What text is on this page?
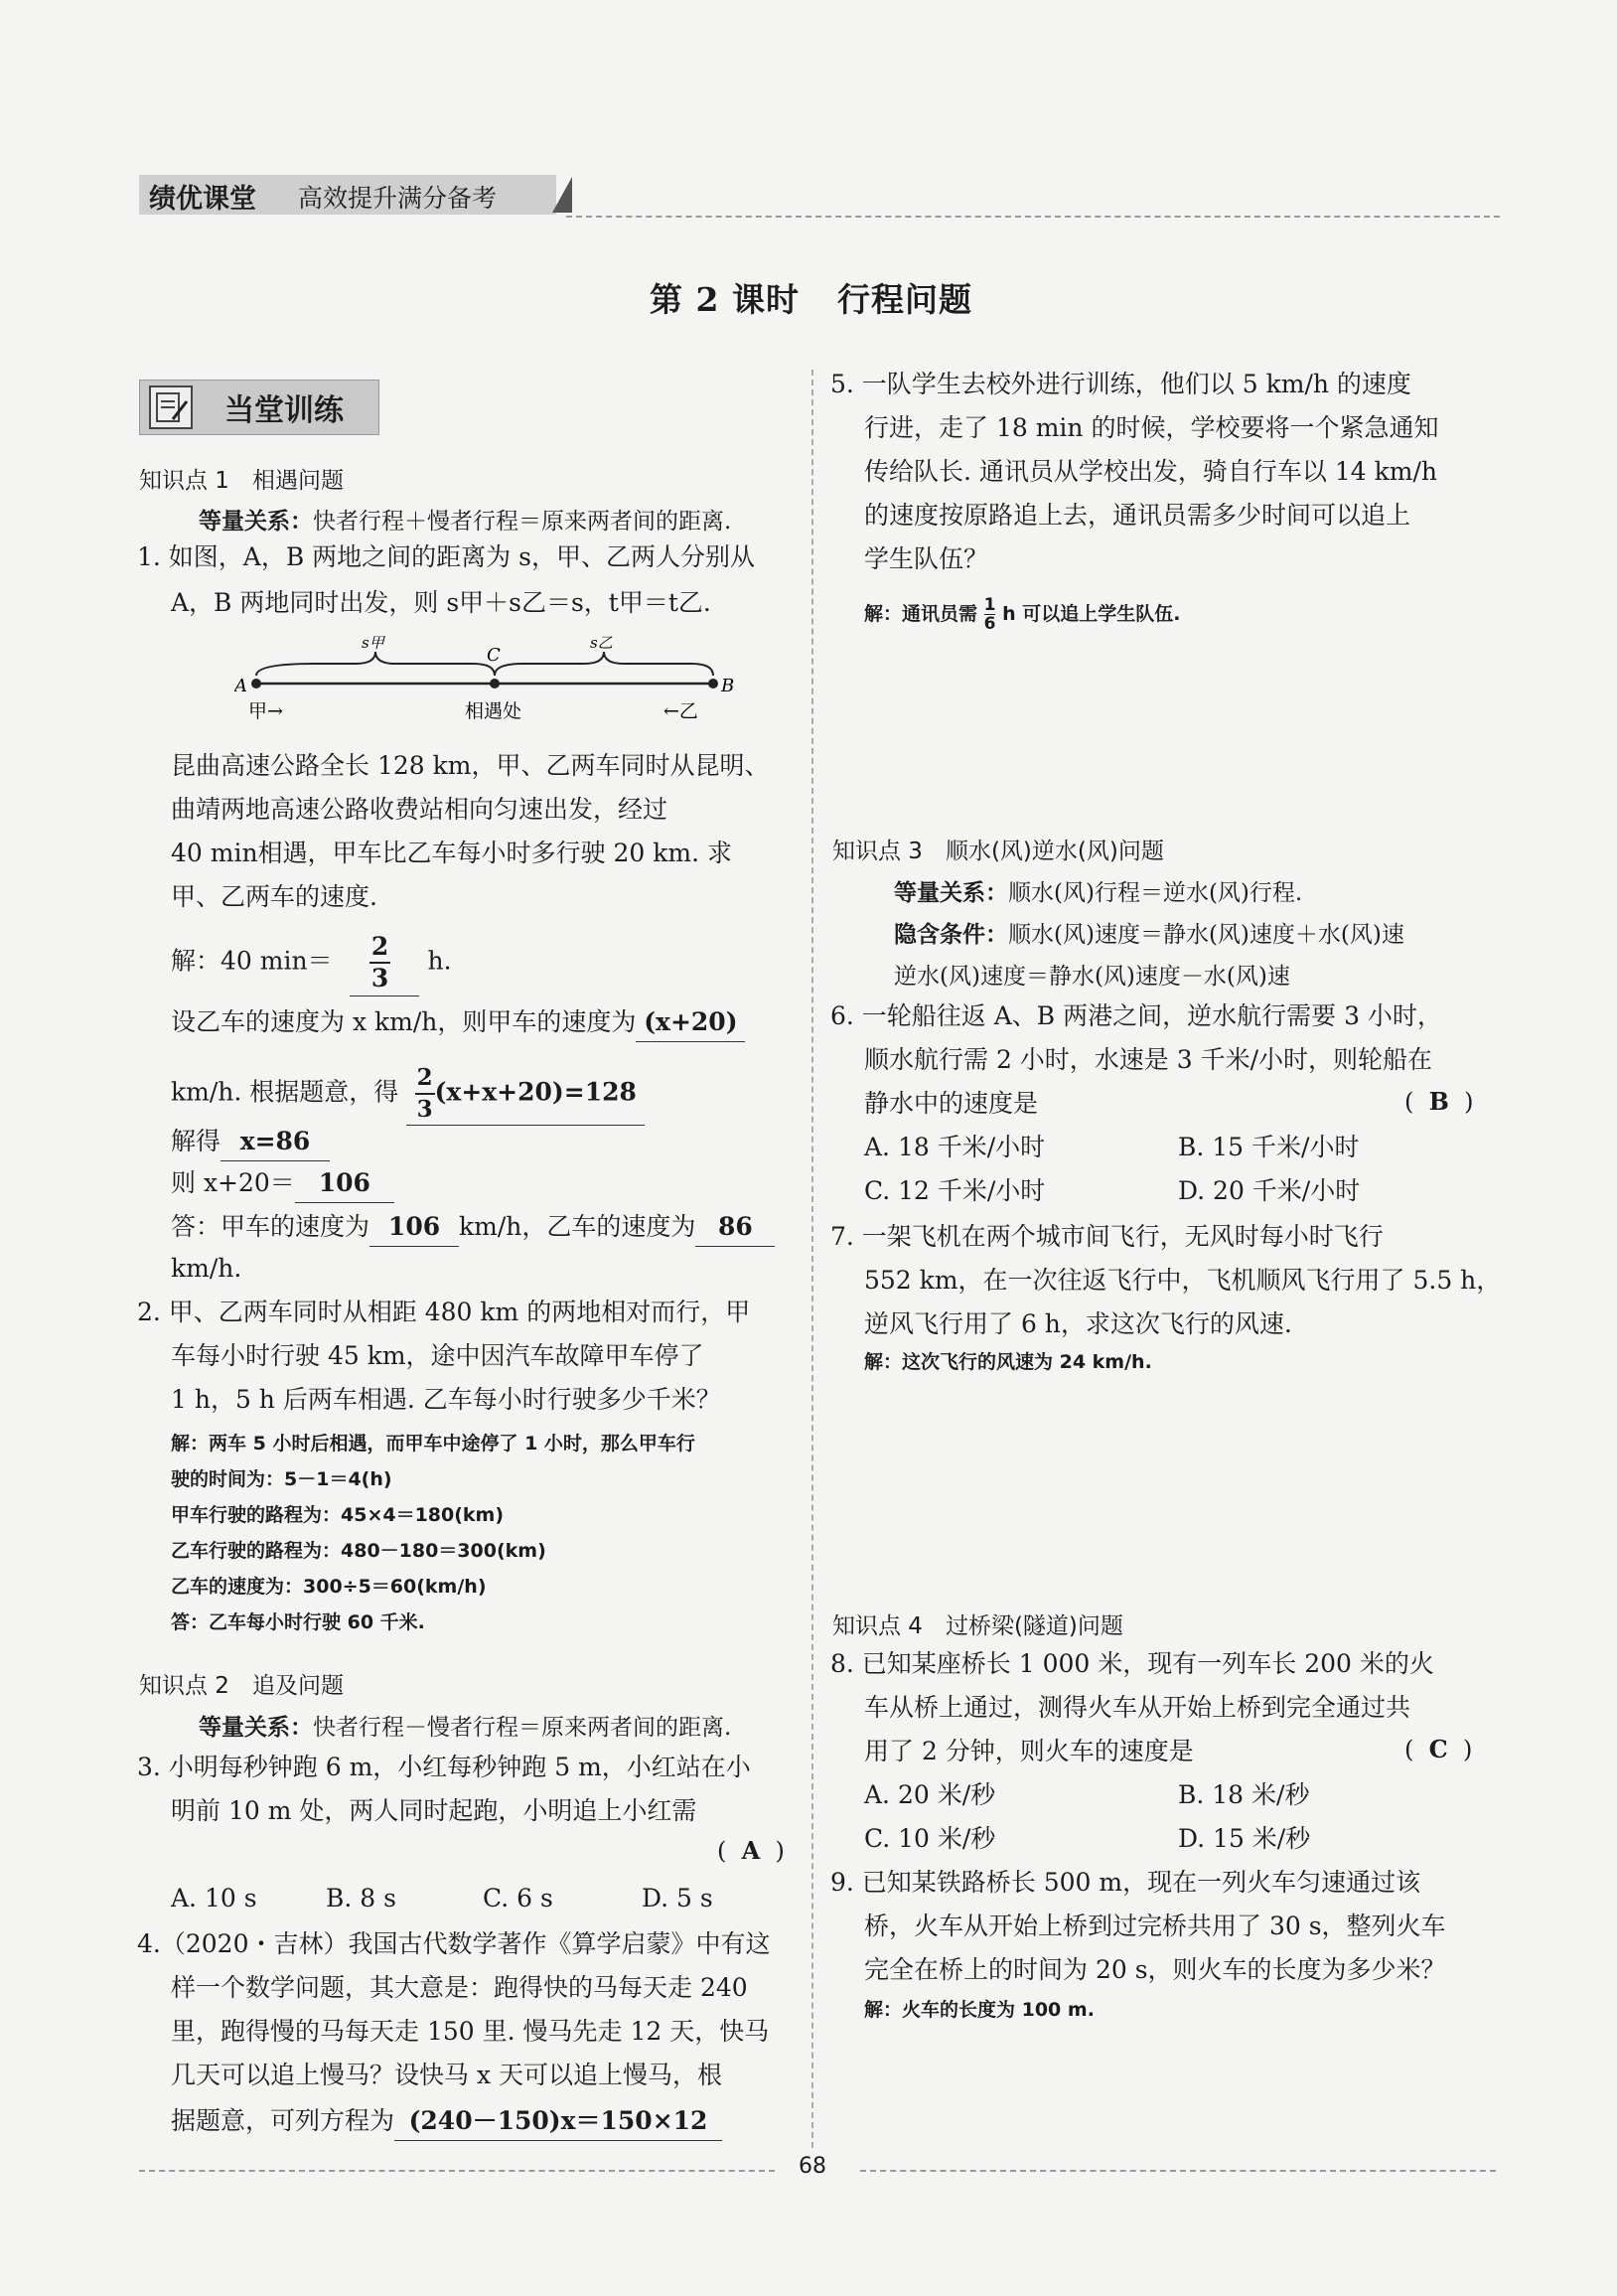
绩优课堂 高效提升满分备考
第 2 课时 行程问题
当堂训练
知识点 1　相遇问题
等量关系：快者行程＋慢者行程＝原来两者间的距离.
1. 如图，A，B 两地之间的距离为 s，甲、乙两人分别从
A，B 两地同时出发，则 s甲＋s乙＝s，t甲＝t乙.
A	B
C
s甲	s乙
甲→	相遇处	←乙
昆曲高速公路全长 128 km，甲、乙两车同时从昆明、
曲靖两地高速公路收费站相向匀速出发，经过
40 min相遇，甲车比乙车每小时多行驶 20 km. 求
甲、乙两车的速度.
解：40 $\min= \frac{2}{3} h$.
设乙车的速度为 x km/h，则甲车的速度为 (x+20)
km/h. 根据题意，得 $\frac{2}{3} (x+x+20)=128$
解得 x=86
则 x+20＝ 106
答：甲车的速度为 106 km/h，乙车的速度为 86
km/h.
2. 甲、乙两车同时从相距 480 km 的两地相对而行，甲
车每小时行驶 45 km，途中因汽车故障甲车停了
1 h，5 h 后两车相遇. 乙车每小时行驶多少千米？
解：两车 5 小时后相遇，而甲车中途停了 1 小时，那么甲车行
驶的时间为：5－1＝4(h)
甲车行驶的路程为：45×4＝180(km)
乙车行驶的路程为：480－180＝300(km)
乙车的速度为：300÷5＝60(km/h)
答：乙车每小时行驶 60 千米.
知识点 2　追及问题
等量关系：快者行程－慢者行程＝原来两者间的距离.
3. 小明每秒钟跑 6 m，小红每秒钟跑 5 m，小红站在小
明前 10 m 处，两人同时起跑，小明追上小红需
(  A  )
A. 10 s	B. 8 s	C. 6 s	D. 5 s
4.（2020・吉林）我国古代数学著作《算学启蒙》中有这
样一个数学问题，其大意是：跑得快的马每天走 240
里，跑得慢的马每天走 150 里. 慢马先走 12 天，快马
几天可以追上慢马？设快马 x 天可以追上慢马，根
据题意，可列方程为 (240－150)x＝150×12
5. 一队学生去校外进行训练，他们以 5 km/h 的速度
行进，走了 18 min 的时候，学校要将一个紧急通知
传给队长. 通讯员从学校出发，骑自行车以 14 km/h
的速度按原路追上去，通讯员需多少时间可以追上
学生队伍？
解：通讯员需 $\frac{1}{6}$ h 可以追上学生队伍.
知识点 3　顺水(风)逆水(风)问题
等量关系：顺水(风)行程＝逆水(风)行程.
隐含条件：顺水(风)速度＝静水(风)速度＋水(风)速
逆水(风)速度＝静水(风)速度－水(风)速
6. 一轮船往返 A、B 两港之间，逆水航行需要 3 小时，
顺水航行需 2 小时，水速是 3 千米/小时，则轮船在
静水中的速度是	(  B  )
A. 18 千米/小时	B. 15 千米/小时
C. 12 千米/小时	D. 20 千米/小时
7. 一架飞机在两个城市间飞行，无风时每小时飞行
552 km，在一次往返飞行中，飞机顺风飞行用了 5.5 h，
逆风飞行用了 6 h，求这次飞行的风速.
解：这次飞行的风速为 24 km/h.
知识点 4　过桥梁(隧道)问题
8. 已知某座桥长 1 000 米，现有一列车长 200 米的火
车从桥上通过，测得火车从开始上桥到完全通过共
用了 2 分钟，则火车的速度是	(  C  )
A. 20 米/秒	B. 18 米/秒
C. 10 米/秒	D. 15 米/秒
9. 已知某铁路桥长 500 m，现在一列火车匀速通过该
桥，火车从开始上桥到过完桥共用了 30 s，整列火车
完全在桥上的时间为 20 s，则火车的长度为多少米？
解：火车的长度为 100 m.
68
